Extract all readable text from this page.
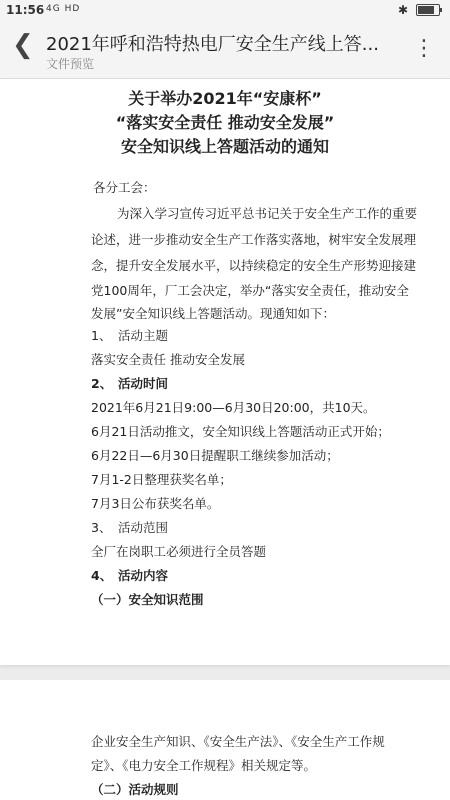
11:56 4G HD	✱
❮ 2021年呼和浩特热电厂安全生产线上答...
文件预览
⋮
关于举办2021年“安康杯”
“落实安全责任 推动安全发展”
安全知识线上答题活动的通知
各分工会：
为深入学习宣传习近平总书记关于安全生产工作的重要
论述，进一步推动安全生产工作落实落地，树牢安全发展理
念，提升安全发展水平，以持续稳定的安全生产形势迎接建
党100周年，厂工会决定，举办“落实安全责任，推动安全
发展”安全知识线上答题活动。现通知如下：
1、 活动主题
落实安全责任 推动安全发展
2、 活动时间
2021年6月21日9:00—6月30日20:00，共10天。
6月21日活动推文，安全知识线上答题活动正式开始；
6月22日—6月30日提醒职工继续参加活动；
7月1-2日整理获奖名单；
7月3日公布获奖名单。
3、 活动范围
全厂在岗职工必须进行全员答题
4、 活动内容
（一）安全知识范围
企业安全生产知识、《安全生产法》、《安全生产工作规
定》、《电力安全工作规程》相关规定等。
（二）活动规则
